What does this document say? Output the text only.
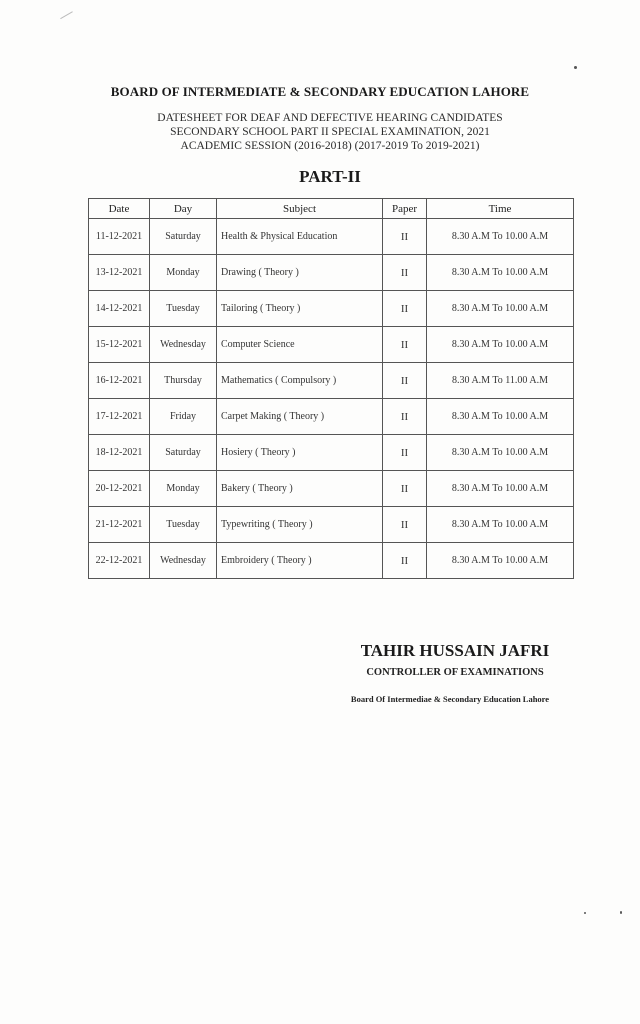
BOARD OF INTERMEDIATE & SECONDARY EDUCATION LAHORE
DATESHEET FOR DEAF AND DEFECTIVE HEARING CANDIDATES
SECONDARY SCHOOL PART II SPECIAL EXAMINATION, 2021
ACADEMIC SESSION (2016-2018) (2017-2019 To 2019-2021)
PART-II
Date	Day	Subject	Paper	Time
11-12-2021	Saturday	Health & Physical Education	II	8.30 A.M To 10.00 A.M
13-12-2021	Monday	Drawing ( Theory )	II	8.30 A.M To 10.00 A.M
14-12-2021	Tuesday	Tailoring ( Theory )	II	8.30 A.M To 10.00 A.M
15-12-2021	Wednesday	Computer Science	II	8.30 A.M To 10.00 A.M
16-12-2021	Thursday	Mathematics ( Compulsory )	II	8.30 A.M To 11.00 A.M
17-12-2021	Friday	Carpet Making ( Theory )	II	8.30 A.M To 10.00 A.M
18-12-2021	Saturday	Hosiery ( Theory )	II	8.30 A.M To 10.00 A.M
20-12-2021	Monday	Bakery ( Theory )	II	8.30 A.M To 10.00 A.M
21-12-2021	Tuesday	Typewriting ( Theory )	II	8.30 A.M To 10.00 A.M
22-12-2021	Wednesday	Embroidery ( Theory )	II	8.30 A.M To 10.00 A.M
TAHIR HUSSAIN JAFRI
CONTROLLER OF EXAMINATIONS
Board Of Intermediae & Secondary Education Lahore
